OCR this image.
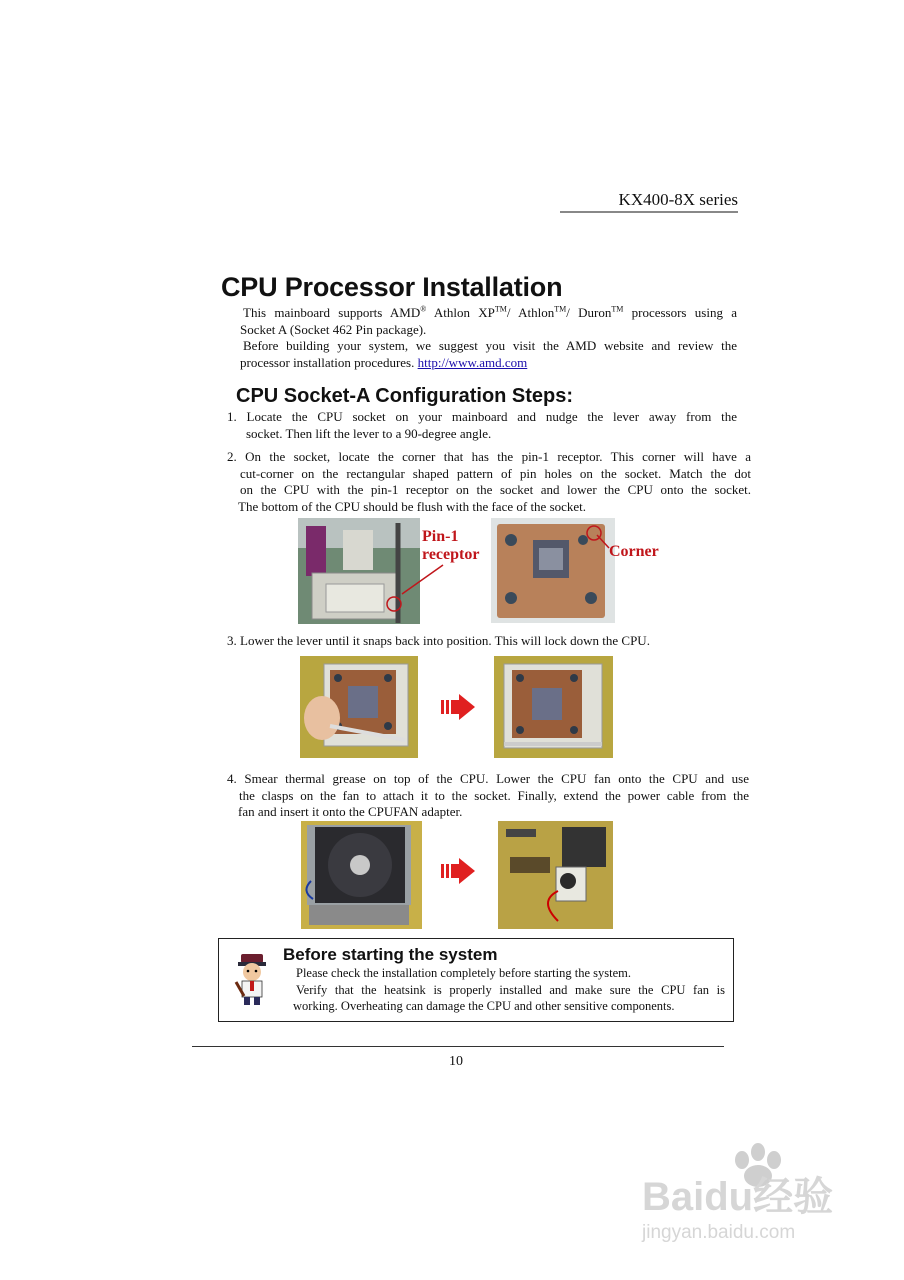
KX400-8X series
CPU Processor Installation
This mainboard supports AMD® Athlon XP™/ Athlon™/ Duron™ processors using a
Socket A (Socket 462 Pin package).
Before building your system, we suggest you visit the AMD website and review the
processor installation procedures. http://www.amd.com
CPU Socket-A Configuration Steps:
1. Locate the CPU socket on your mainboard and nudge the lever away from the
socket. Then lift the lever to a 90-degree angle.
2. On the socket, locate the corner that has the pin-1 receptor. This corner will have a
cut-corner on the rectangular shaped pattern of pin holes on the socket. Match the dot
on the CPU with the pin-1 receptor on the socket and lower the CPU onto the socket.
The bottom of the CPU should be flush with the face of the socket.
Pin-1
receptor	Corner
3. Lower the lever until it snaps back into position. This will lock down the CPU.
4. Smear thermal grease on top of the CPU. Lower the CPU fan onto the CPU and use
the clasps on the fan to attach it to the socket. Finally, extend the power cable from the
fan and insert it onto the CPUFAN adapter.
Before starting the system
Please check the installation completely before starting the system.
Verify that the heatsink is properly installed and make sure the CPU fan is
working. Overheating can damage the CPU and other sensitive components.
10
Baidu经验
jingyan.baidu.com
